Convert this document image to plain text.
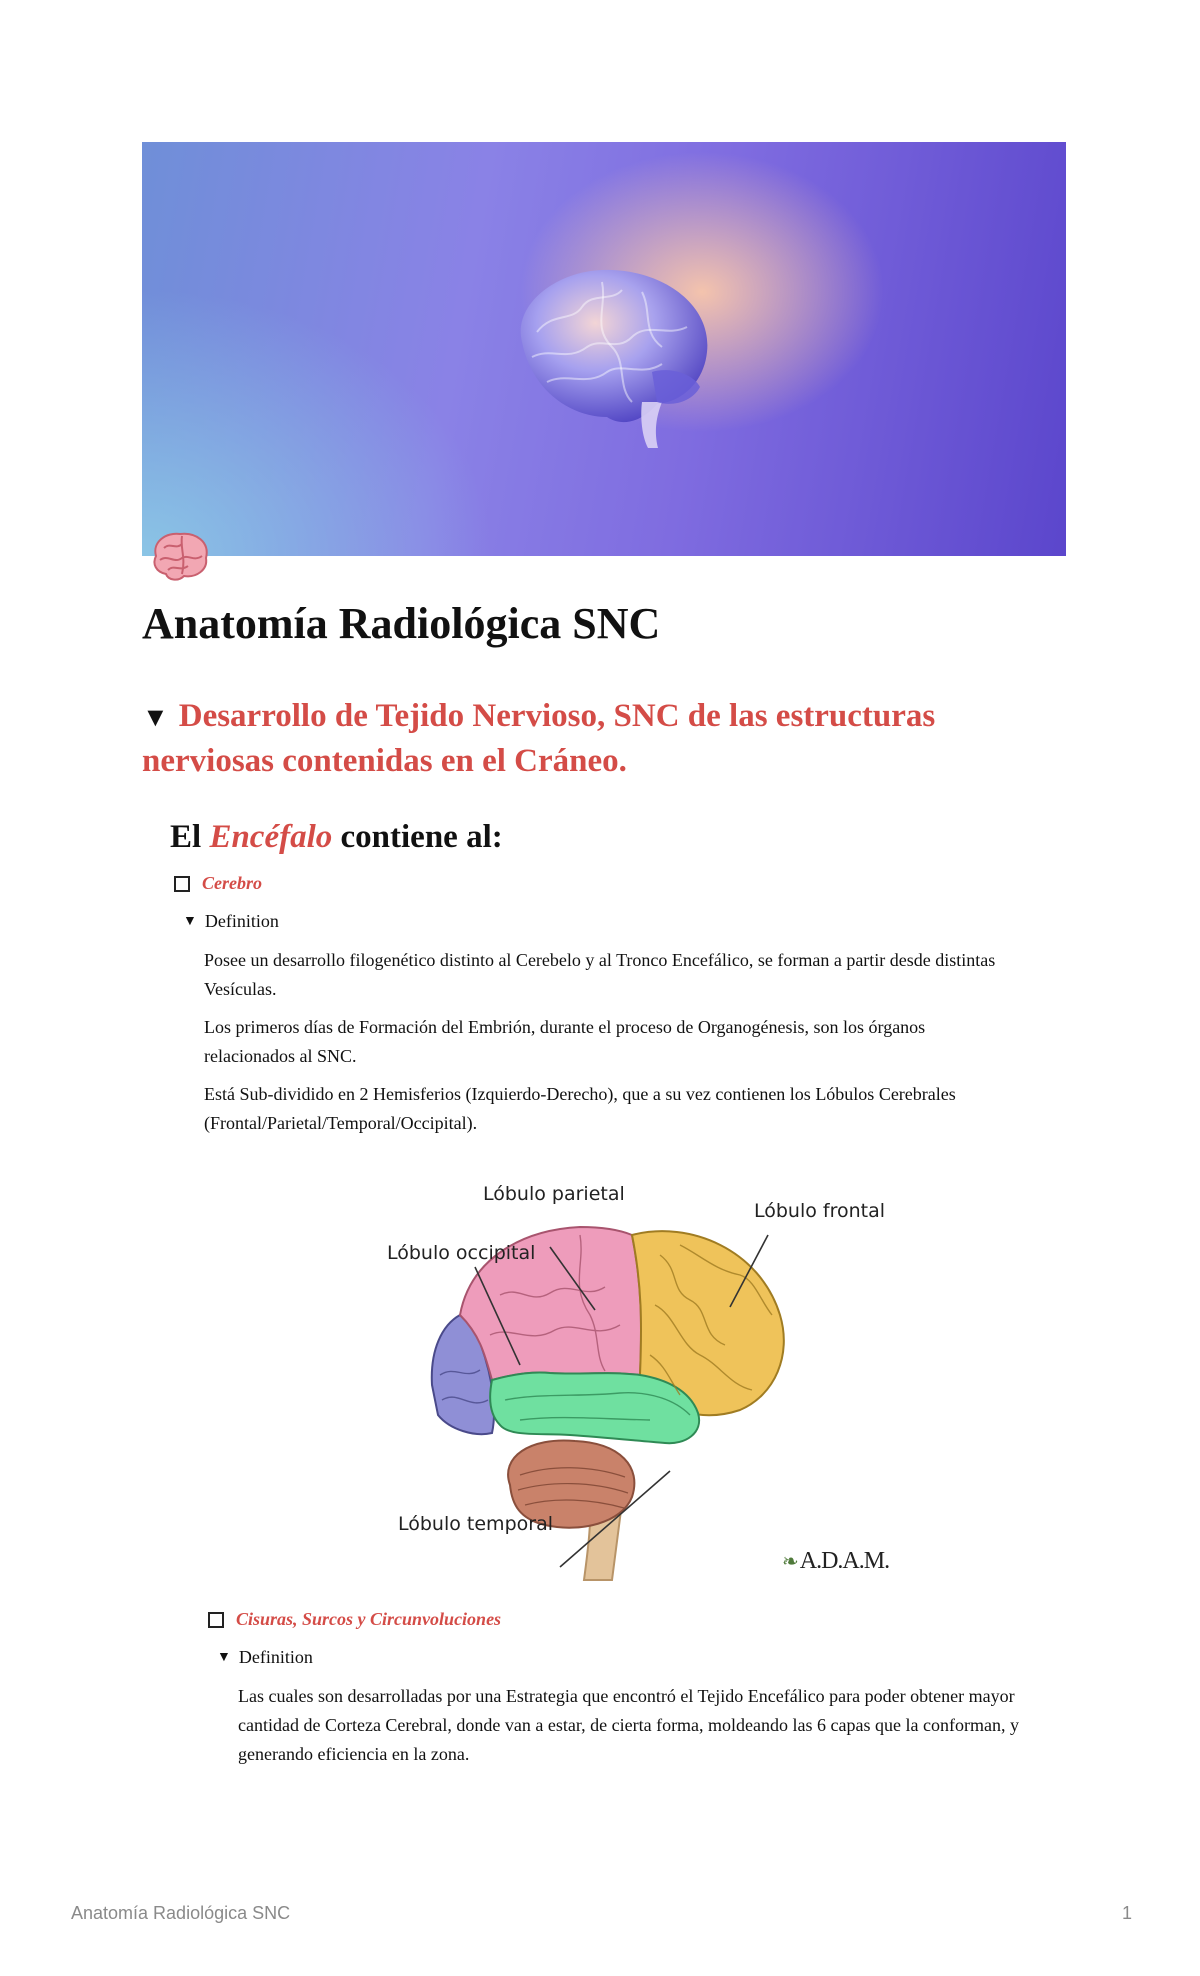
Anatomía Radiológica SNC
▼ Desarrollo de Tejido Nervioso, SNC de las estructuras nerviosas contenidas en el Cráneo.
El Encéfalo contiene al:
Cerebro
▼ Definition

Posee un desarrollo filogenético distinto al Cerebelo y al Tronco Encefálico, se forman a partir desde distintas Vesículas.

Los primeros días de Formación del Embrión, durante el proceso de Organogénesis, son los órganos relacionados al SNC.

Está Sub-dividido en 2 Hemisferios (Izquierdo-Derecho), que a su vez contienen los Lóbulos Cerebrales (Frontal/Parietal/Temporal/Occipital).

Lóbulo parietal
Lóbulo frontal
Lóbulo occipital
Lóbulo temporal
❧A.D.A.M.
Cisuras, Surcos y Circunvoluciones
▼ Definition

Las cuales son desarrolladas por una Estrategia que encontró el Tejido Encefálico para poder obtener mayor cantidad de Corteza Cerebral, donde van a estar, de cierta forma, moldeando las 6 capas que la conforman, y generando eficiencia en la zona.

Anatomía Radiológica SNC	1
